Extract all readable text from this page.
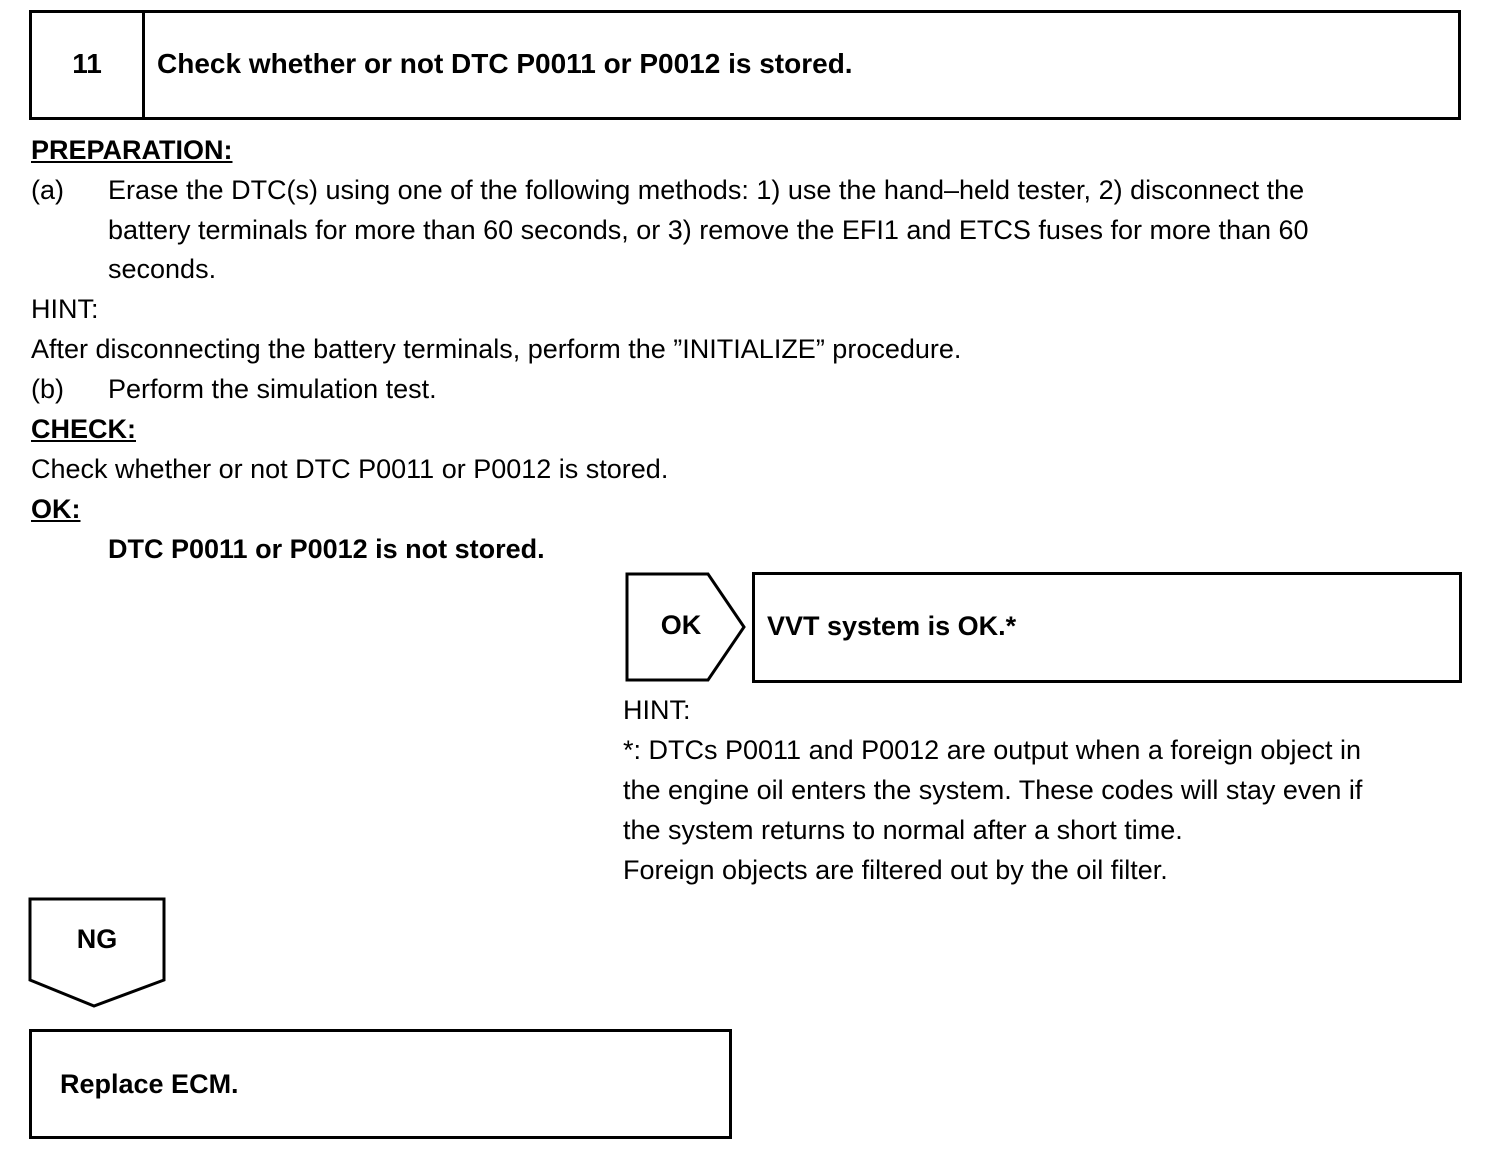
11	Check whether or not DTC P0011 or P0012 is stored.
PREPARATION:
(a) Erase the DTC(s) using one of the following methods: 1) use the hand–held tester, 2) disconnect the
battery terminals for more than 60 seconds, or 3) remove the EFI1 and ETCS fuses for more than 60
seconds.
HINT:
After disconnecting the battery terminals, perform the ”INITIALIZE” procedure.
(b) Perform the simulation test.
CHECK:
Check whether or not DTC P0011 or P0012 is stored.
OK:
DTC P0011 or P0012 is not stored.
OK	VVT system is OK.*
HINT:
*: DTCs P0011 and P0012 are output when a foreign object in
the engine oil enters the system. These codes will stay even if
the system returns to normal after a short time.
Foreign objects are filtered out by the oil filter.
NG
Replace ECM.
